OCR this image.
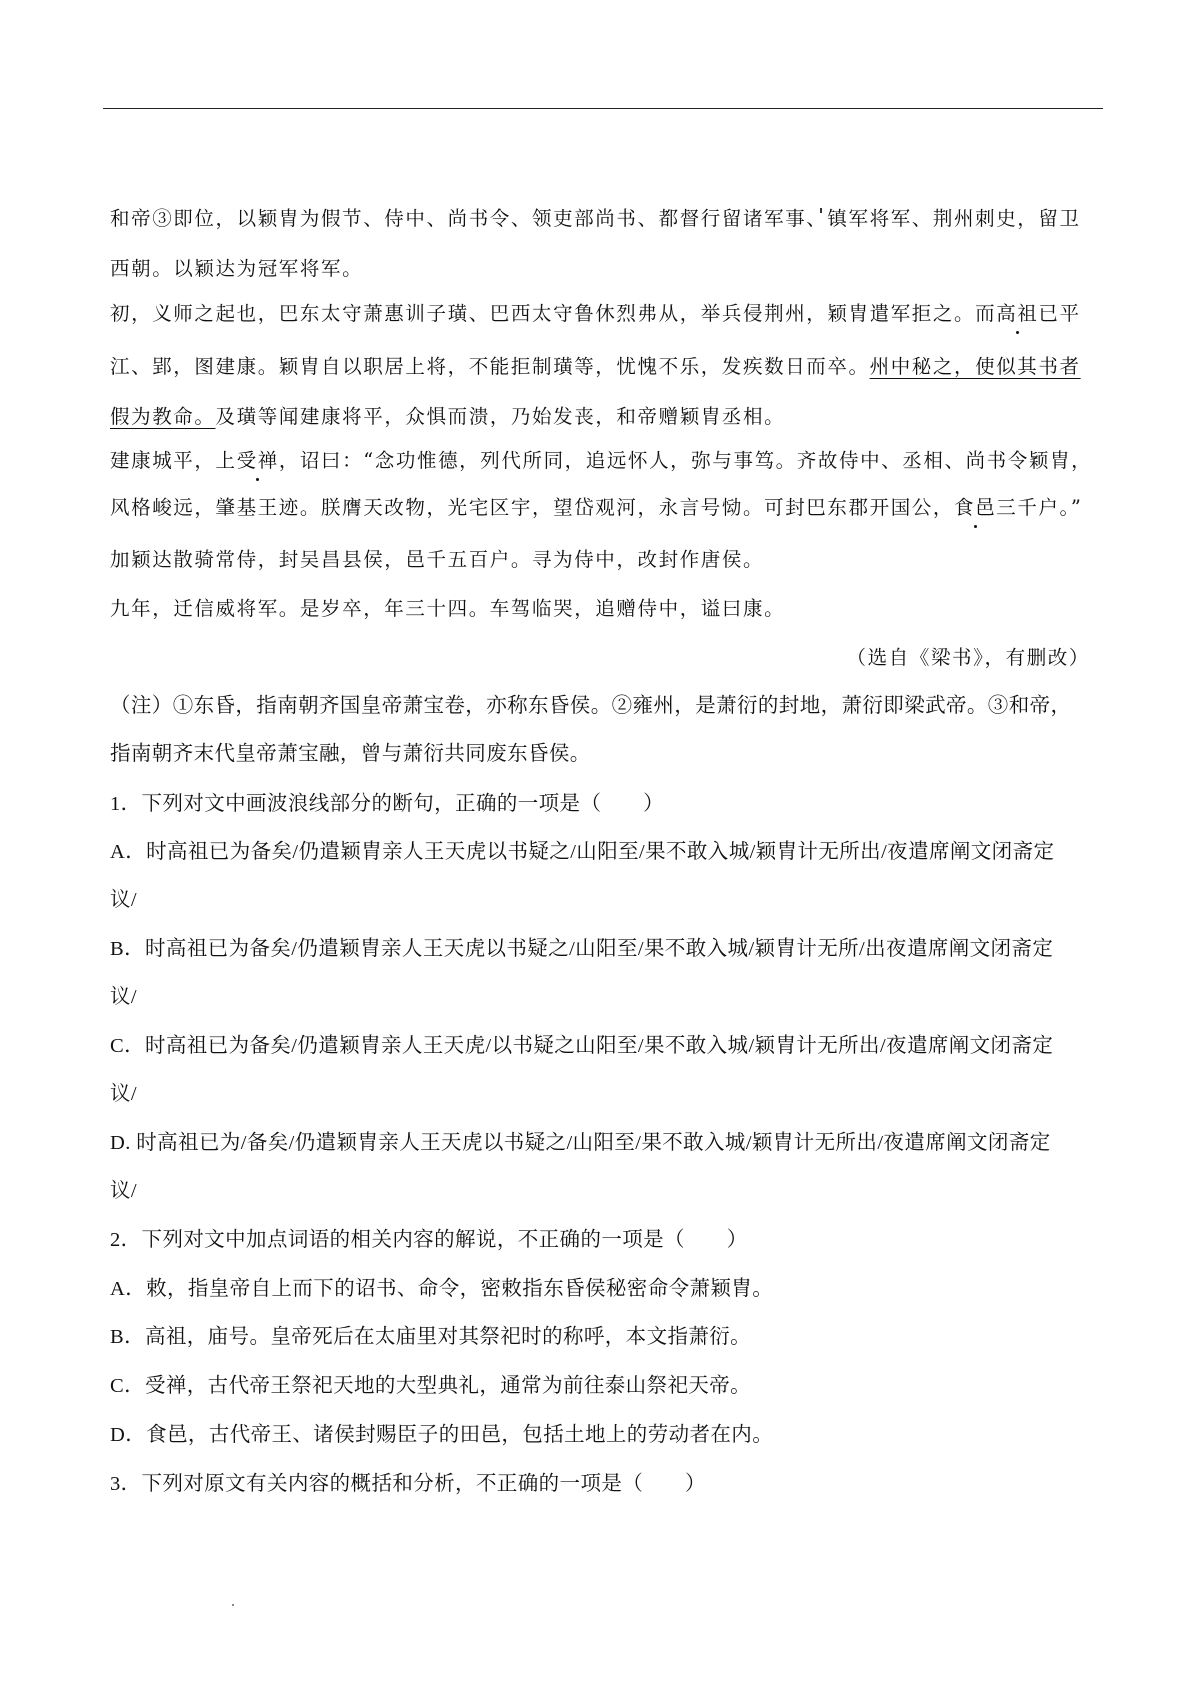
和帝③即位，以颖胄为假节、侍中、尚书令、领吏部尚书、都督行留诸军事、镇军将军、荆州刺史，留卫
西朝。以颖达为冠军将军。
初，义师之起也，巴东太守萧惠训子璜、巴西太守鲁休烈弗从，举兵侵荆州，颖胄遣军拒之。而高祖已平
江、郢，图建康。颖胄自以职居上将，不能拒制璜等，忧愧不乐，发疾数日而卒。州中秘之，使似其书者
假为教命。及璜等闻建康将平，众惧而溃，乃始发丧，和帝赠颖胄丞相。
建康城平，上受禅，诏曰：“念功惟德，列代所同，追远怀人，弥与事笃。齐故侍中、丞相、尚书令颖胄，
风格峻远，肇基王迹。朕膺天改物，光宅区宇，望岱观河，永言号恸。可封巴东郡开国公，食邑三千户。”
加颖达散骑常侍，封吴昌县侯，邑千五百户。寻为侍中，改封作唐侯。
九年，迁信威将军。是岁卒，年三十四。车驾临哭，追赠侍中，谥曰康。
（选自《梁书》，有删改）
（注）①东昏，指南朝齐国皇帝萧宝卷，亦称东昏侯。②雍州，是萧衍的封地，萧衍即梁武帝。③和帝，
指南朝齐末代皇帝萧宝融，曾与萧衍共同废东昏侯。
1．下列对文中画波浪线部分的断句，正确的一项是（　　）
A．时高祖已为备矣/仍遣颖胄亲人王天虎以书疑之/山阳至/果不敢入城/颖胄计无所出/夜遣席阐文闭斋定
议/
B．时高祖已为备矣/仍遣颖胄亲人王天虎以书疑之/山阳至/果不敢入城/颖胄计无所/出夜遣席阐文闭斋定
议/
C．时高祖已为备矣/仍遣颖胄亲人王天虎/以书疑之山阳至/果不敢入城/颖胄计无所出/夜遣席阐文闭斋定
议/
D. 时高祖已为/备矣/仍遣颖胄亲人王天虎以书疑之/山阳至/果不敢入城/颖胄计无所出/夜遣席阐文闭斋定
议/
2．下列对文中加点词语的相关内容的解说，不正确的一项是（　　）
A．敕，指皇帝自上而下的诏书、命令，密敕指东昏侯秘密命令萧颖胄。
B．高祖，庙号。皇帝死后在太庙里对其祭祀时的称呼，本文指萧衍。
C．受禅，古代帝王祭祀天地的大型典礼，通常为前往泰山祭祀天帝。
D．食邑，古代帝王、诸侯封赐臣子的田邑，包括土地上的劳动者在内。
3．下列对原文有关内容的概括和分析，不正确的一项是（　　）
